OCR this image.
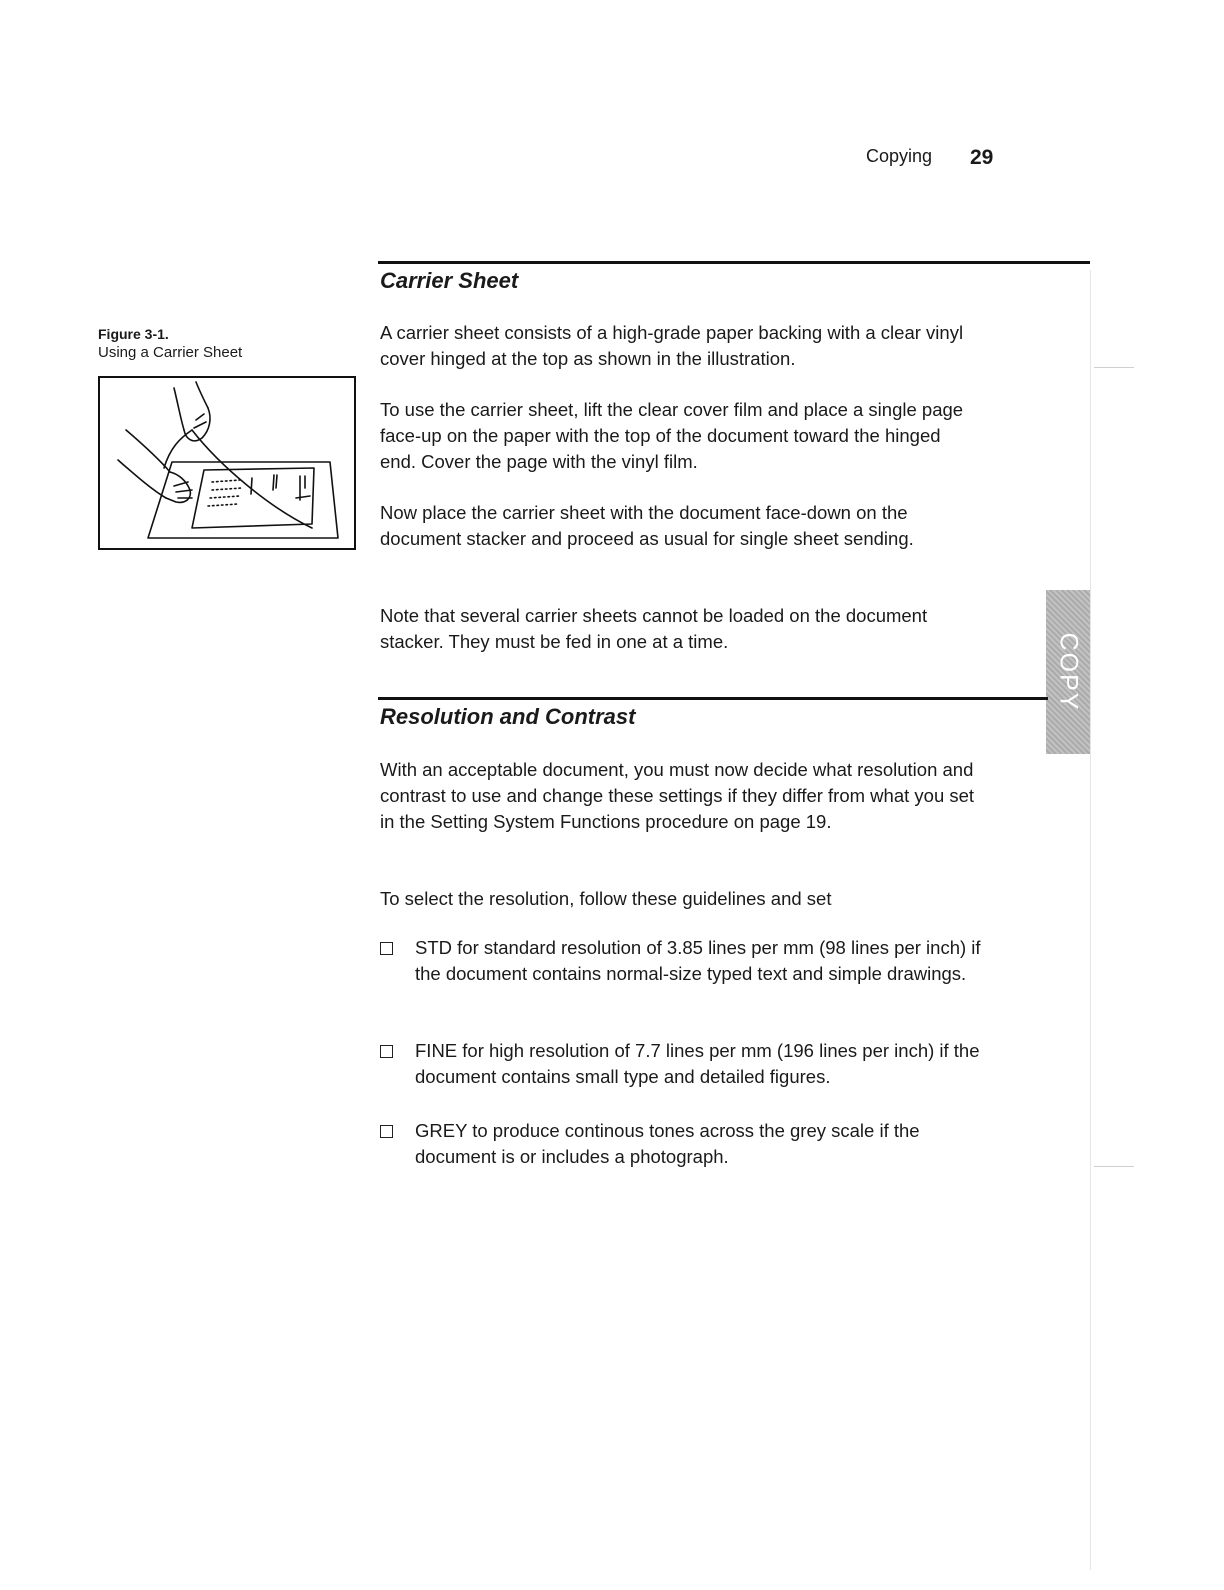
Copying 29
Figure 3-1.
Using a Carrier Sheet
Carrier Sheet

A carrier sheet consists of a high-grade paper backing with a clear vinyl cover hinged at the top as shown in the illustration.

To use the carrier sheet, lift the clear cover film and place a single page face-up on the paper with the top of the document toward the hinged end. Cover the page with the vinyl film.

Now place the carrier sheet with the document face-down on the document stacker and proceed as usual for single sheet sending.

Note that several carrier sheets cannot be loaded on the document stacker. They must be fed in one at a time.	COPY
Resolution and Contrast

With an acceptable document, you must now decide what resolution and contrast to use and change these settings if they differ from what you set in the Setting System Functions procedure on page 19.

To select the resolution, follow these guidelines and set

STD for standard resolution of 3.85 lines per mm (98 lines per inch) if the document contains normal-size typed text and simple drawings.
FINE for high resolution of 7.7 lines per mm (196 lines per inch) if the document contains small type and detailed figures.
GREY to produce continous tones across the grey scale if the document is or includes a photograph.
